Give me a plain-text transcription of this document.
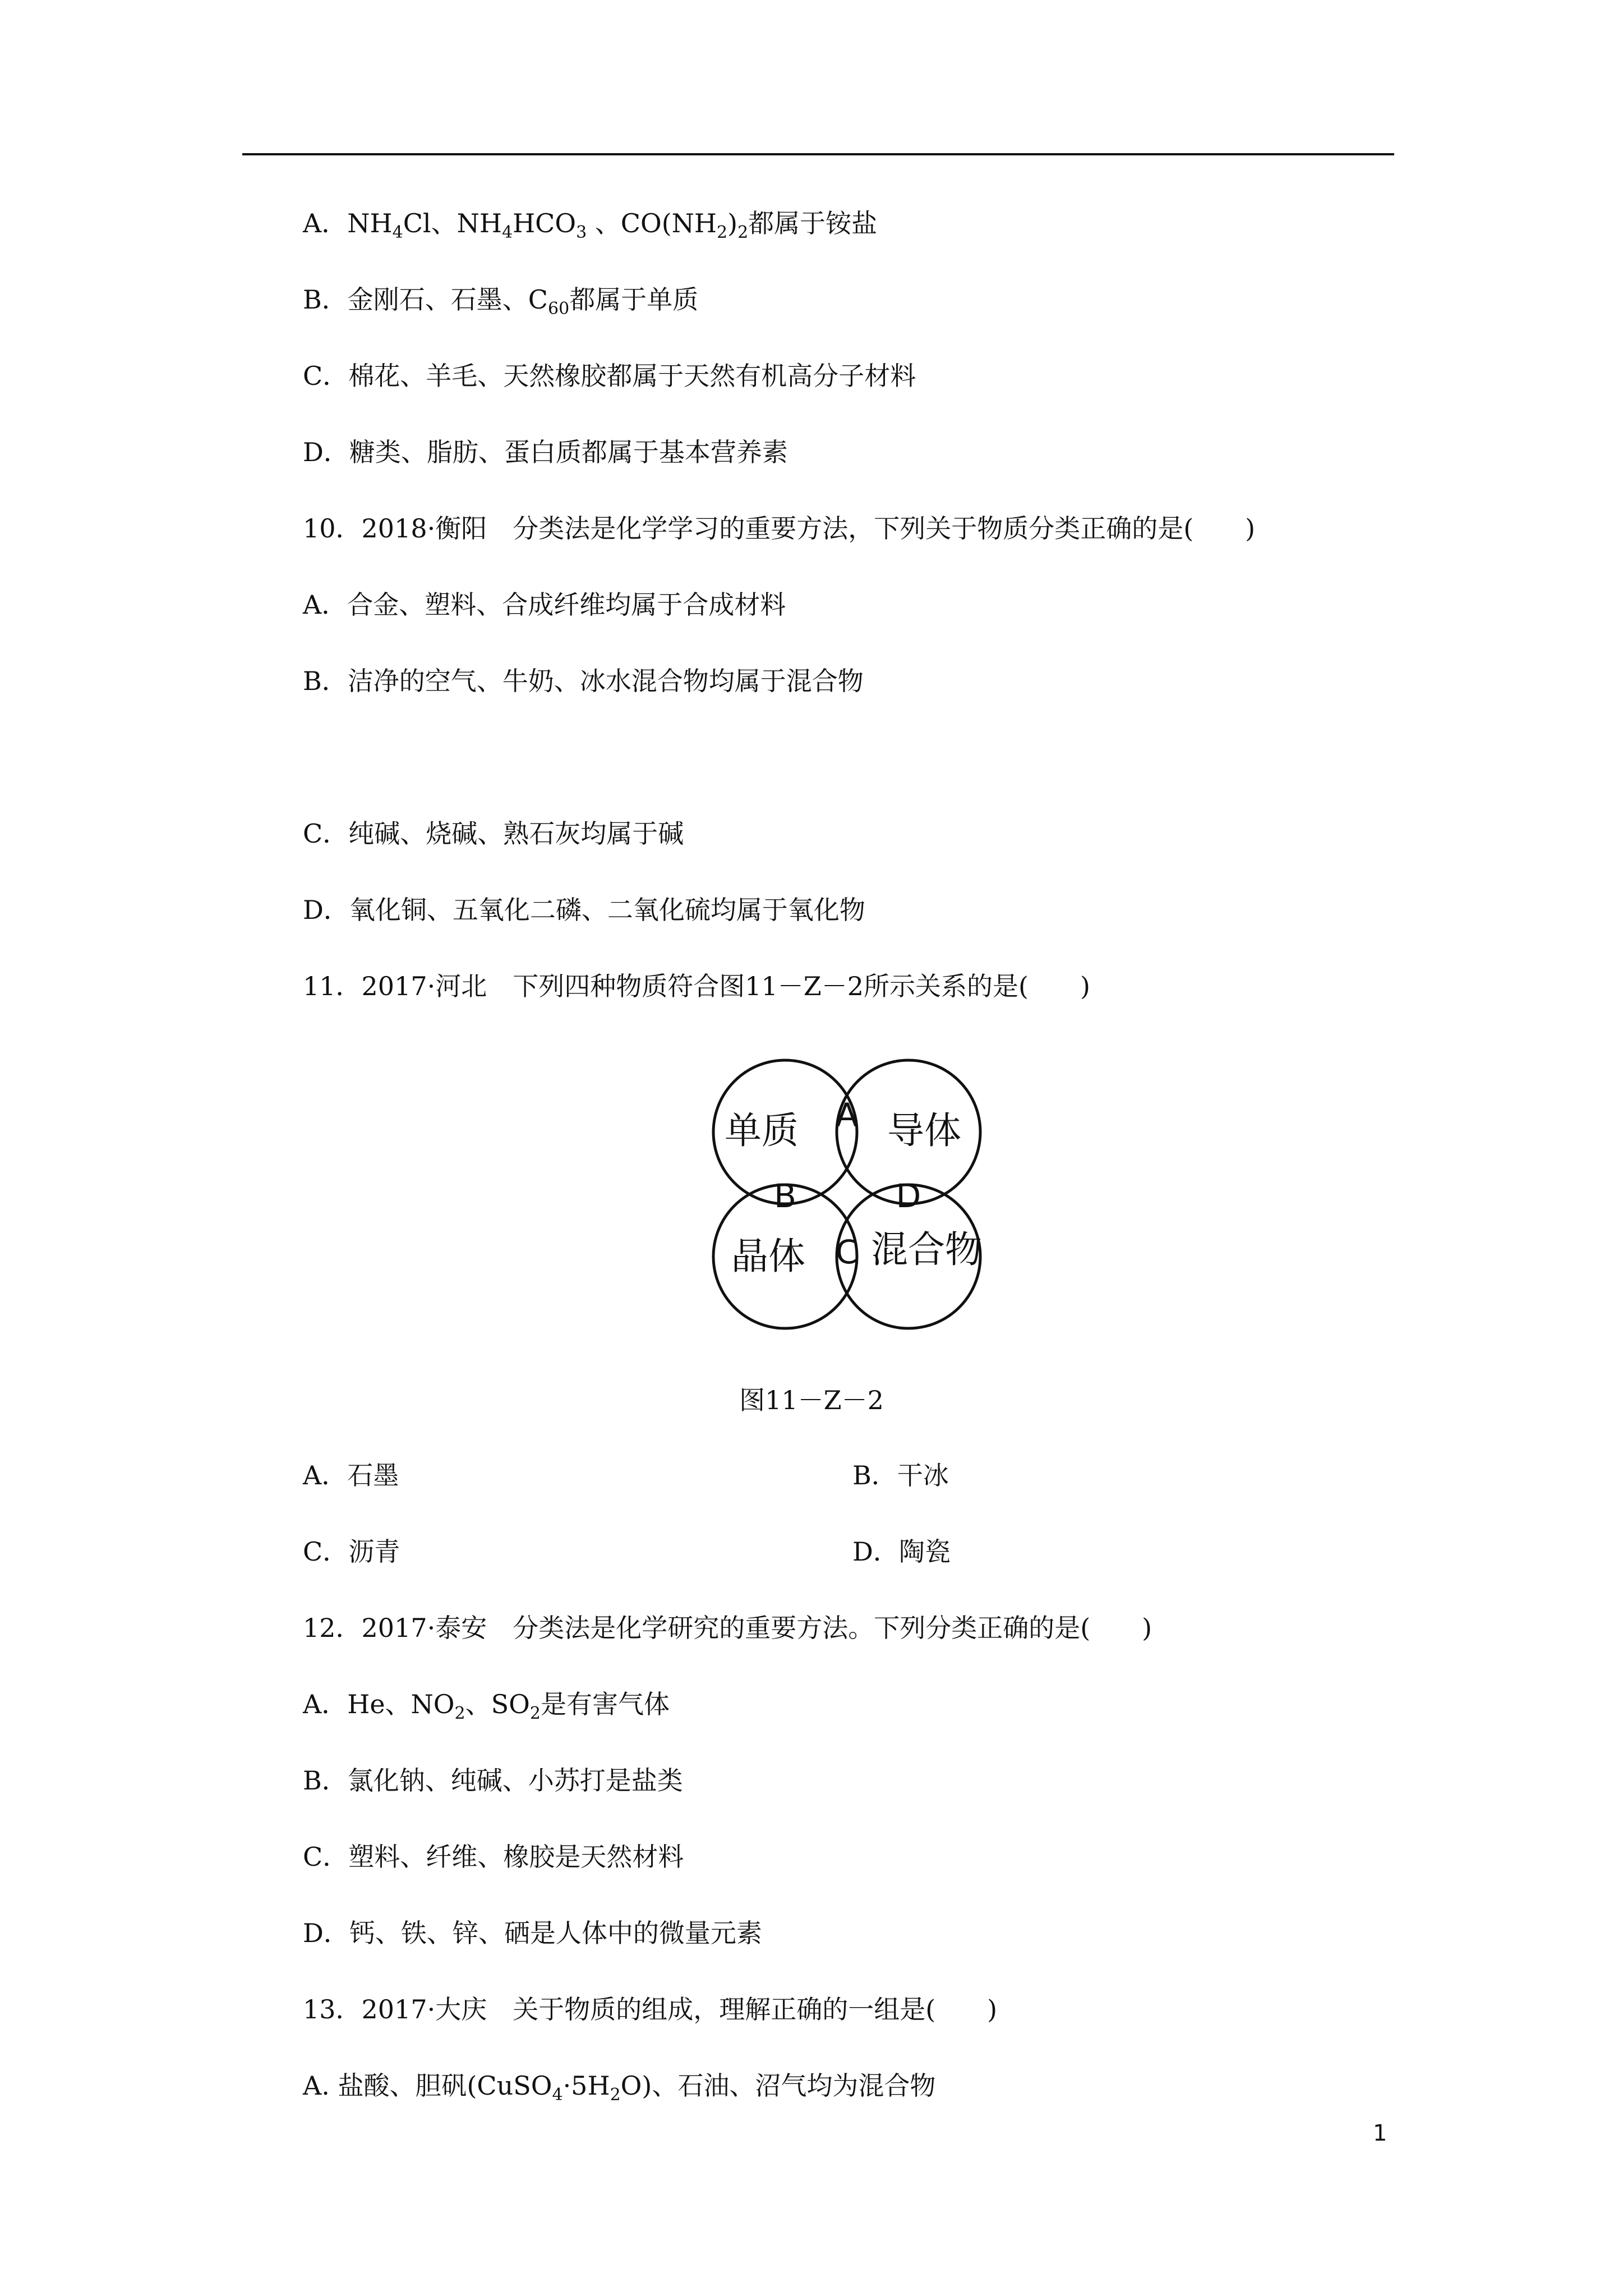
A．$NH_4Cl$、$NH_4HCO_3$ 、$CO(NH_2)_2$都属于铵盐
B．金刚石、石墨、$C_{60}$都属于单质
C．棉花、羊毛、天然橡胶都属于天然有机高分子材料
D．糖类、脂肪、蛋白质都属于基本营养素
10．2018·衡阳　分类法是化学学习的重要方法，下列关于物质分类正确的是( )
A．合金、塑料、合成纤维均属于合成材料
B．洁净的空气、牛奶、冰水混合物均属于混合物
C．纯碱、烧碱、熟石灰均属于碱
D．氧化铜、五氧化二磷、二氧化硫均属于氧化物
11．2017·河北　下列四种物质符合图11－Z－2所示关系的是( )
单质 导体
晶体 混合物
A
B
C
D
图11－Z－2
A．石墨	B．干冰
C．沥青	D．陶瓷
12．2017·泰安　分类法是化学研究的重要方法。下列分类正确的是( )
A．He、$NO_2$、$SO_2$是有害气体
B．氯化钠、纯碱、小苏打是盐类
C．塑料、纤维、橡胶是天然材料
D．钙、铁、锌、硒是人体中的微量元素
13．2017·大庆　关于物质的组成，理解正确的一组是( )
A. 盐酸、胆矾$(CuSO_4\cdot 5H_2O)$、石油、沼气均为混合物
1
